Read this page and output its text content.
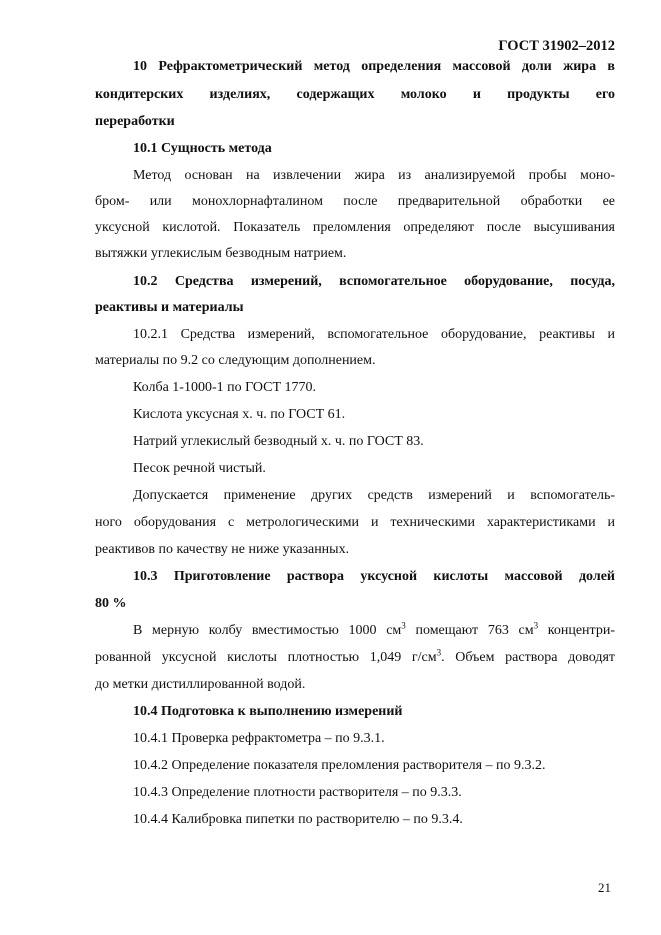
ГОСТ 31902–2012
10 Рефрактометрический метод определения массовой доли жира в
кондитерских изделиях, содержащих молоко и продукты его
переработки
10.1 Сущность метода
Метод основан на извлечении жира из анализируемой пробы моно-
бром- или монохлорнафталином после предварительной обработки ее
уксусной кислотой. Показатель преломления определяют после высушивания
вытяжки углекислым безводным натрием.
10.2 Средства измерений, вспомогательное оборудование, посуда,
реактивы и материалы
10.2.1 Средства измерений, вспомогательное оборудование, реактивы и
материалы по 9.2 со следующим дополнением.
Колба 1-1000-1 по ГОСТ 1770.
Кислота уксусная х. ч. по ГОСТ 61.
Натрий углекислый безводный х. ч. по ГОСТ 83.
Песок речной чистый.
Допускается применение других средств измерений и вспомогатель-
ного оборудования с метрологическими и техническими характеристиками и
реактивов по качеству не ниже указанных.
10.3 Приготовление раствора уксусной кислоты массовой долей
80 %
В мерную колбу вместимостью 1000 $см^3$ помещают 763 $см^3$ концентри-
рованной уксусной кислоты плотностью 1,049 $г/см^3$. Объем раствора доводят
до метки дистиллированной водой.
10.4 Подготовка к выполнению измерений
10.4.1 Проверка рефрактометра – по 9.3.1.
10.4.2 Определение показателя преломления растворителя – по 9.3.2.
10.4.3 Определение плотности растворителя – по 9.3.3.
10.4.4 Калибровка пипетки по растворителю – по 9.3.4.
21
